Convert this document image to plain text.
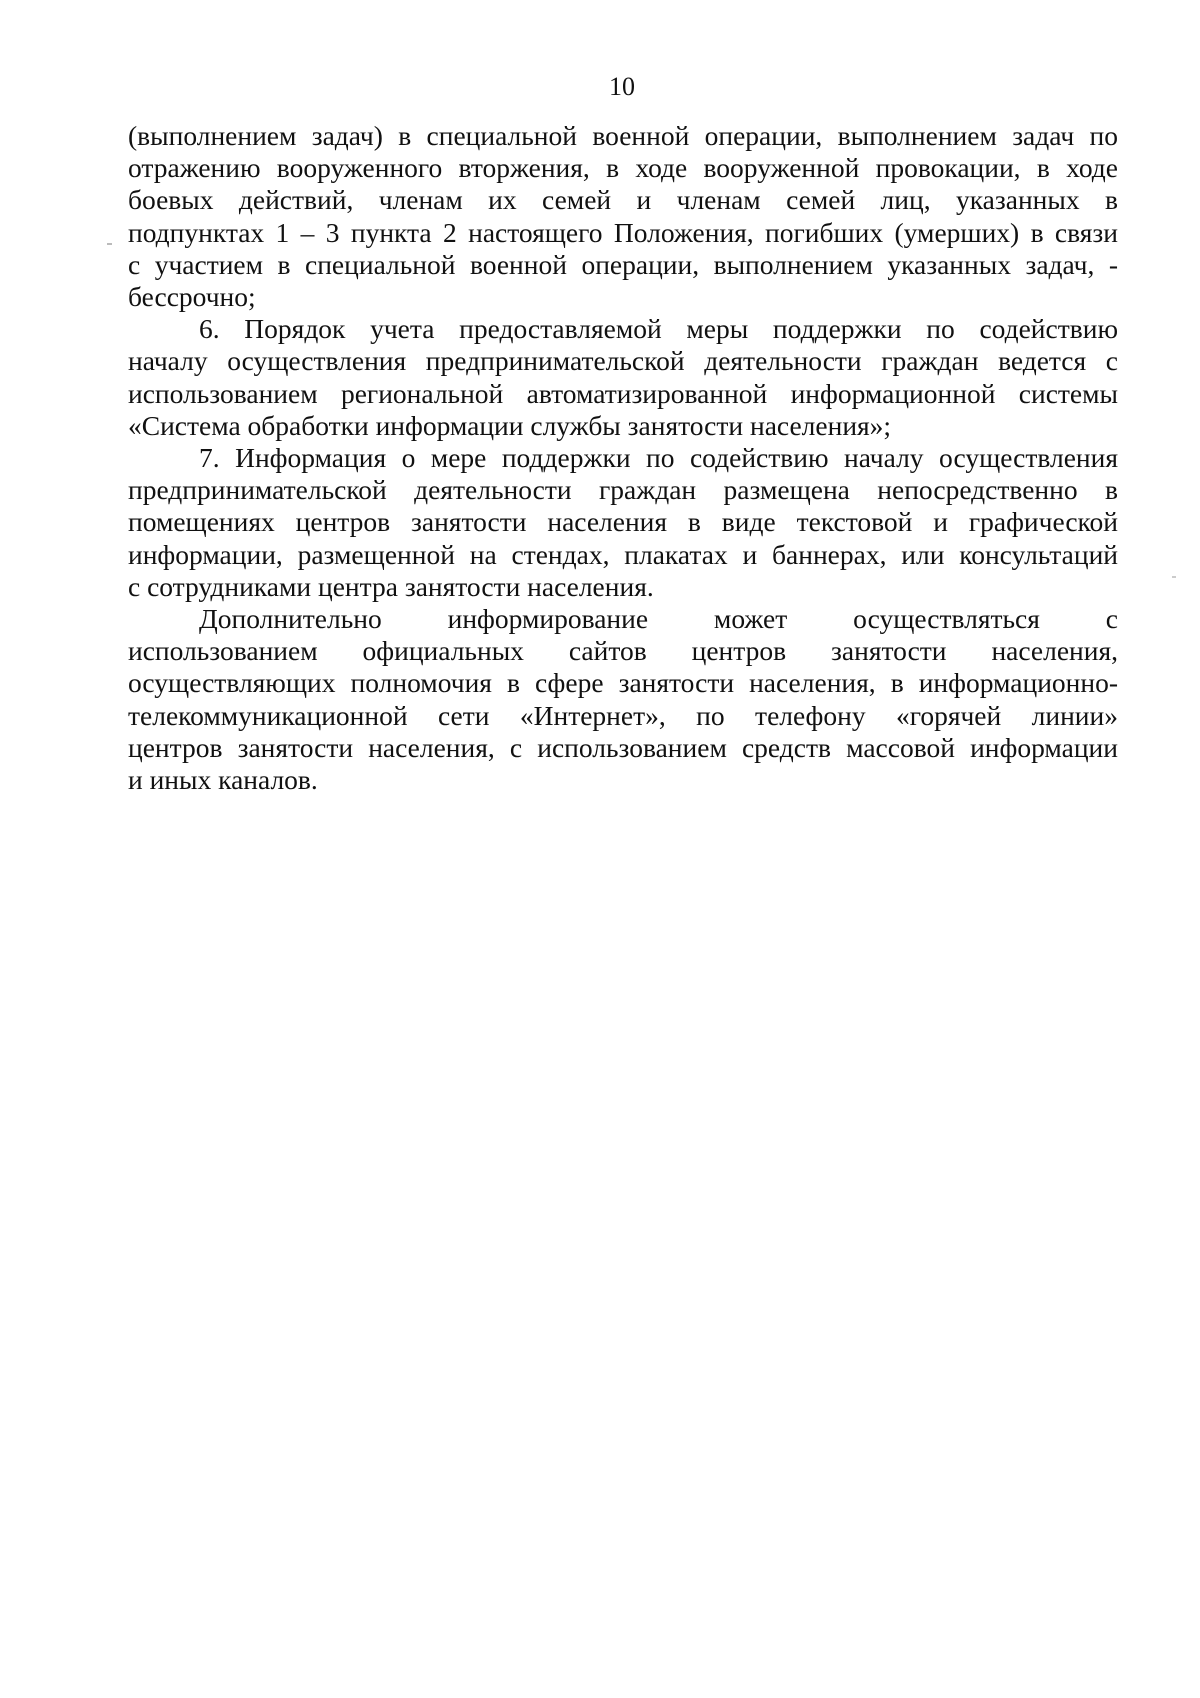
10
(выполнением задач) в специальной военной операции, выполнением задач по
отражению вооруженного вторжения, в ходе вооруженной провокации, в ходе
боевых действий, членам их семей и членам семей лиц, указанных в
подпунктах 1 – 3 пункта 2 настоящего Положения, погибших (умерших) в связи
с участием в специальной военной операции, выполнением указанных задач, -
бессрочно;
6. Порядок учета предоставляемой меры поддержки по содействию
началу осуществления предпринимательской деятельности граждан ведется с
использованием региональной автоматизированной информационной системы
«Система обработки информации службы занятости населения»;
7. Информация о мере поддержки по содействию началу осуществления
предпринимательской деятельности граждан размещена непосредственно в
помещениях центров занятости населения в виде текстовой и графической
информации, размещенной на стендах, плакатах и баннерах, или консультаций
с сотрудниками центра занятости населения.
Дополнительно информирование может осуществляться с
использованием официальных сайтов центров занятости населения,
осуществляющих полномочия в сфере занятости населения, в информационно-
телекоммуникационной сети «Интернет», по телефону «горячей линии»
центров занятости населения, с использованием средств массовой информации
и иных каналов.
